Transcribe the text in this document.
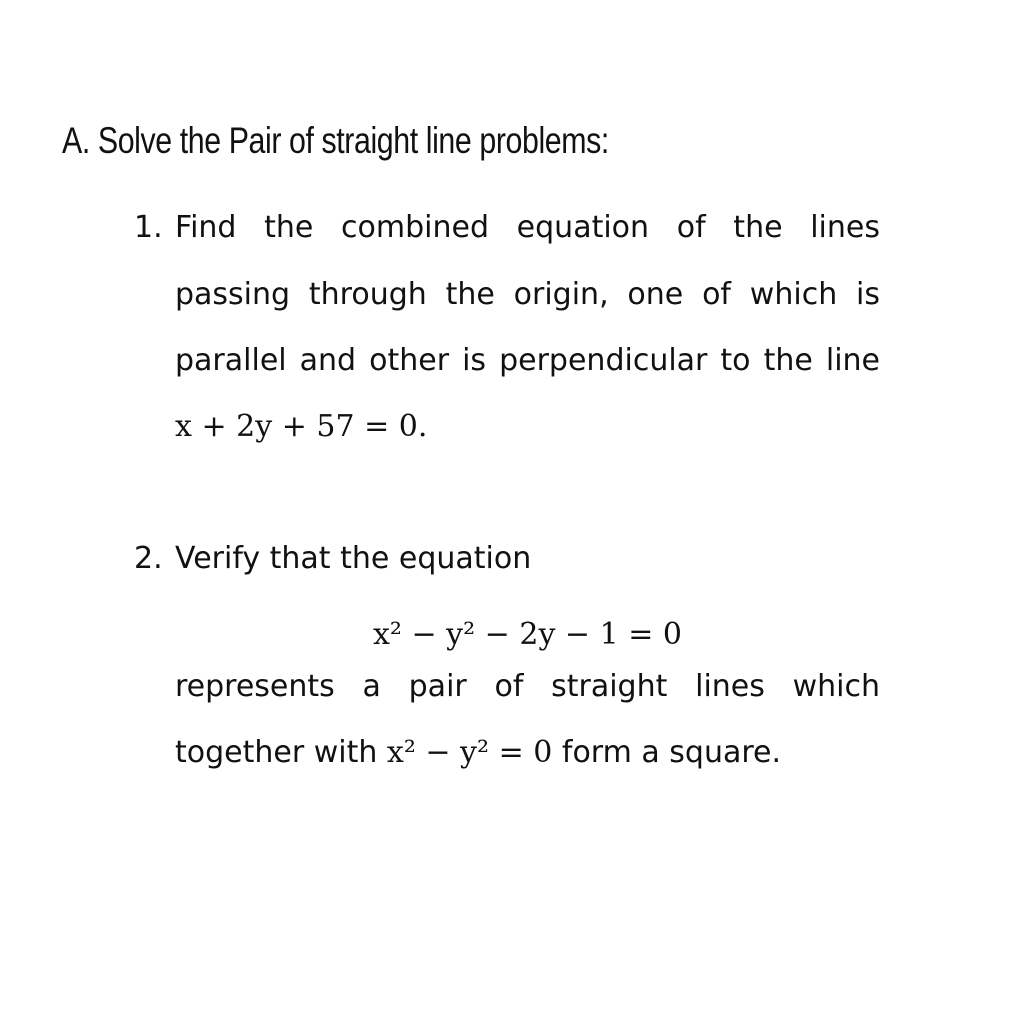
A. Solve the Pair of straight line problems:
1. Find the combined equation of the lines
passing through the origin, one of which is
parallel and other is perpendicular to the line
x + 2y + 57 = 0.
2. Verify that the equation
x² − y² − 2y − 1 = 0
represents a pair of straight lines which
together with x² − y² = 0 form a square.
